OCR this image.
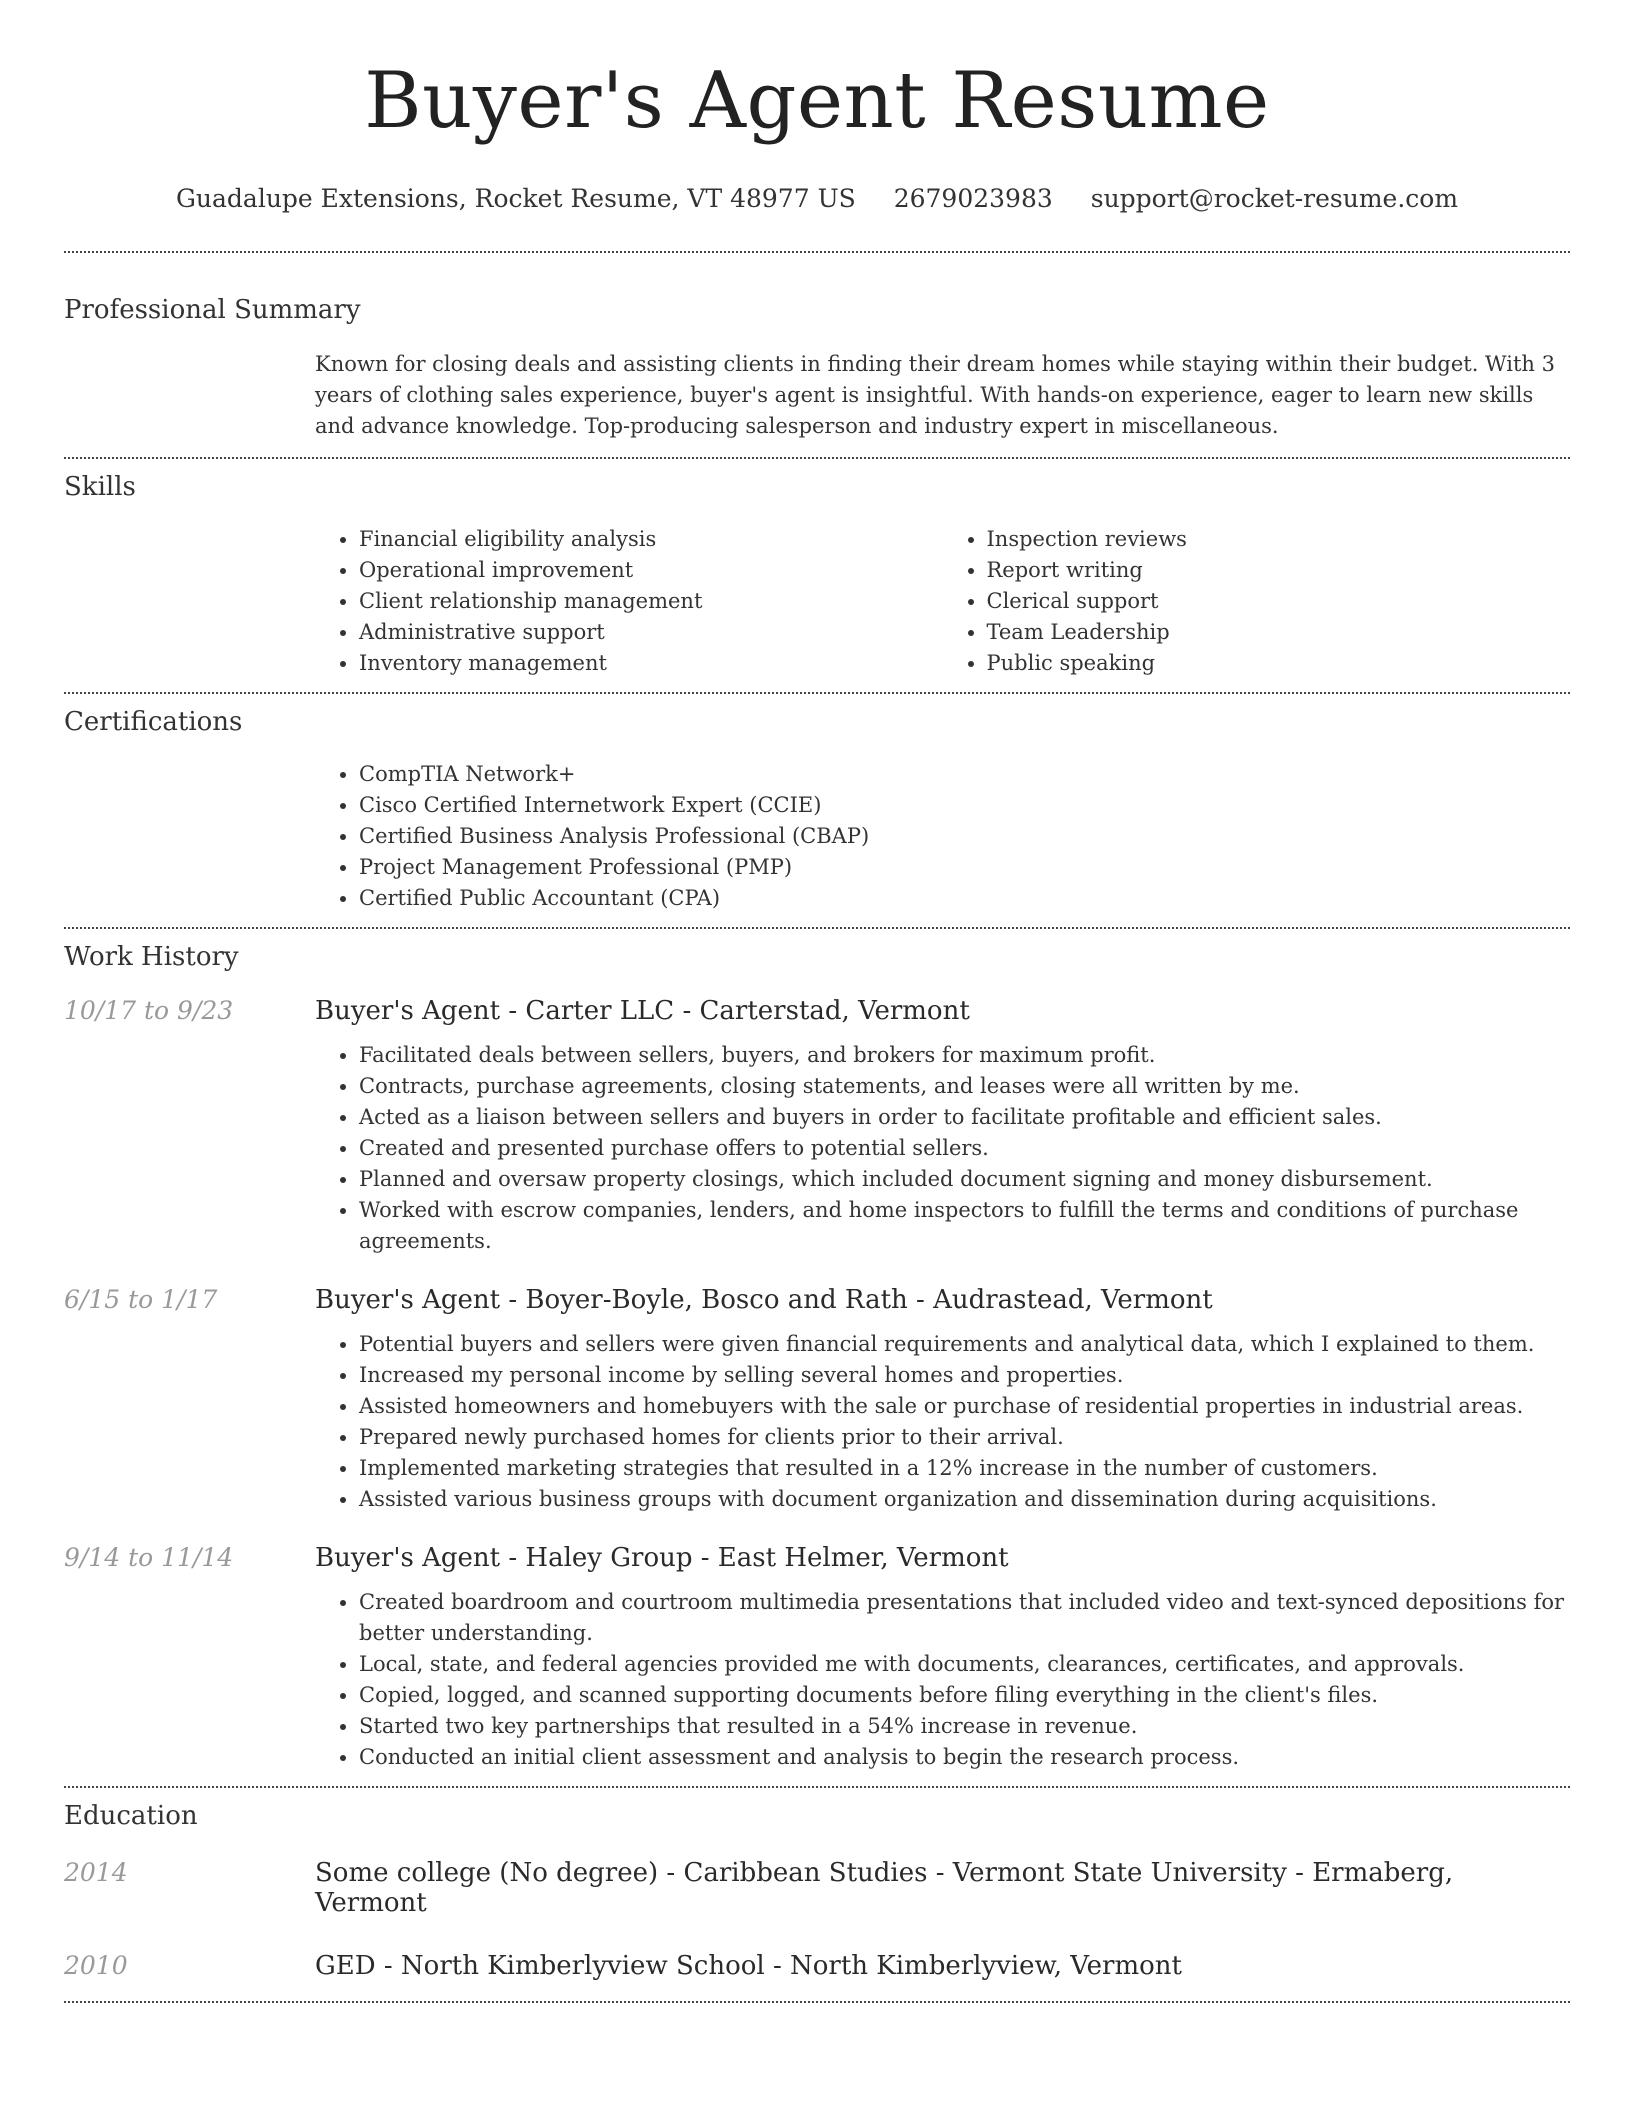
Buyer's Agent Resume
Guadalupe Extensions, Rocket Resume, VT 48977 US 2679023983 support@rocket-resume.com
Professional Summary
Known for closing deals and assisting clients in finding their dream homes while staying within their budget. With 3 years of clothing sales experience, buyer's agent is insightful. With hands-on experience, eager to learn new skills and advance knowledge. Top-producing salesperson and industry expert in miscellaneous.
Skills
• Financial eligibility analysis
• Operational improvement
• Client relationship management
• Administrative support
• Inventory management
• Inspection reviews
• Report writing
• Clerical support
• Team Leadership
• Public speaking
Certifications
• CompTIA Network+
• Cisco Certified Internetwork Expert (CCIE)
• Certified Business Analysis Professional (CBAP)
• Project Management Professional (PMP)
• Certified Public Accountant (CPA)
Work History
10/17 to 9/23	Buyer's Agent - Carter LLC - Carterstad, Vermont
• Facilitated deals between sellers, buyers, and brokers for maximum profit.
• Contracts, purchase agreements, closing statements, and leases were all written by me.
• Acted as a liaison between sellers and buyers in order to facilitate profitable and efficient sales.
• Created and presented purchase offers to potential sellers.
• Planned and oversaw property closings, which included document signing and money disbursement.
• Worked with escrow companies, lenders, and home inspectors to fulfill the terms and conditions of purchase agreements.
6/15 to 1/17	Buyer's Agent - Boyer-Boyle, Bosco and Rath - Audrastead, Vermont
• Potential buyers and sellers were given financial requirements and analytical data, which I explained to them.
• Increased my personal income by selling several homes and properties.
• Assisted homeowners and homebuyers with the sale or purchase of residential properties in industrial areas.
• Prepared newly purchased homes for clients prior to their arrival.
• Implemented marketing strategies that resulted in a 12% increase in the number of customers.
• Assisted various business groups with document organization and dissemination during acquisitions.
9/14 to 11/14	Buyer's Agent - Haley Group - East Helmer, Vermont
• Created boardroom and courtroom multimedia presentations that included video and text-synced depositions for better understanding.
• Local, state, and federal agencies provided me with documents, clearances, certificates, and approvals.
• Copied, logged, and scanned supporting documents before filing everything in the client's files.
• Started two key partnerships that resulted in a 54% increase in revenue.
• Conducted an initial client assessment and analysis to begin the research process.
Education
2014	Some college (No degree) - Caribbean Studies - Vermont State University - Ermaberg, Vermont
2010	GED - North Kimberlyview School - North Kimberlyview, Vermont
